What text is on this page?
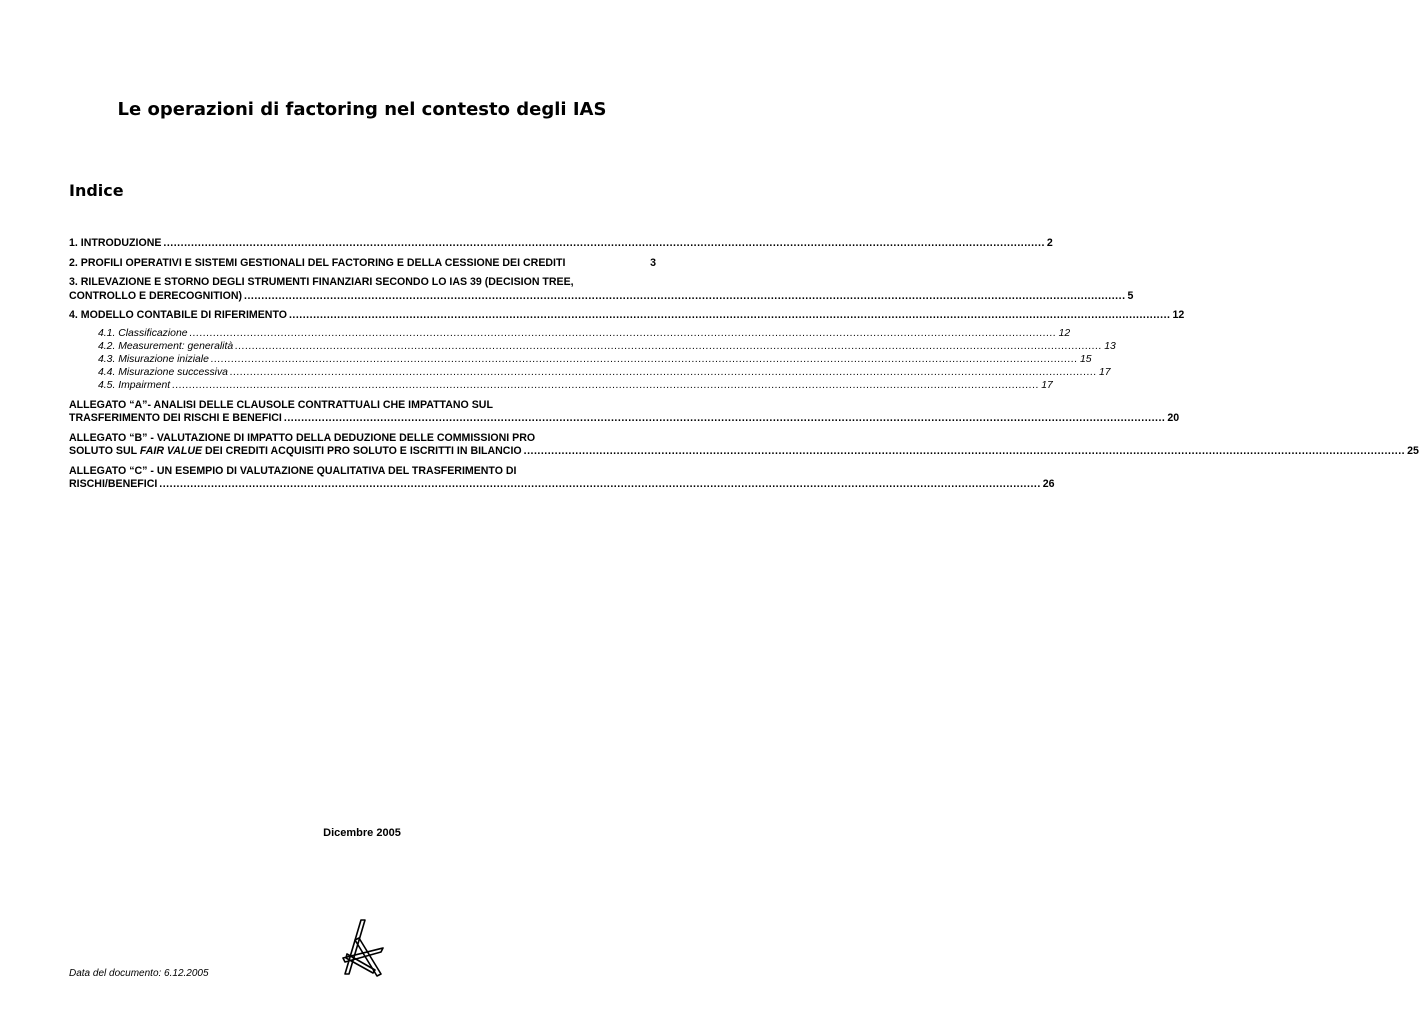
Le operazioni di factoring nel contesto degli IAS
Indice
1. INTRODUZIONE ................................................................................................................................................................................................................................................................ 2
2. PROFILI OPERATIVI E SISTEMI GESTIONALI DEL FACTORING E DELLA CESSIONE DEI CREDITI	3
3. RILEVAZIONE E STORNO DEGLI STRUMENTI FINANZIARI SECONDO LO IAS 39 (DECISION TREE,
CONTROLLO E DERECOGNITION) ................................................................................................................................................................................................................................................................ 5
4. MODELLO CONTABILE DI RIFERIMENTO ................................................................................................................................................................................................................................................................ 12
4.1. Classificazione ................................................................................................................................................................................................................................................................ 12
4.2. Measurement: generalità ................................................................................................................................................................................................................................................................ 13
4.3. Misurazione iniziale ................................................................................................................................................................................................................................................................ 15
4.4. Misurazione successiva ................................................................................................................................................................................................................................................................ 17
4.5. Impairment ................................................................................................................................................................................................................................................................ 17
ALLEGATO “A”- ANALISI DELLE CLAUSOLE CONTRATTUALI CHE IMPATTANO SUL
TRASFERIMENTO DEI RISCHI E BENEFICI ................................................................................................................................................................................................................................................................ 20
ALLEGATO “B” - VALUTAZIONE DI IMPATTO DELLA DEDUZIONE DELLE COMMISSIONI PRO
SOLUTO SUL FAIR VALUE DEI CREDITI ACQUISITI PRO SOLUTO E ISCRITTI IN BILANCIO ................................................................................................................................................................................................................................................................ 25
ALLEGATO “C” - UN ESEMPIO DI VALUTAZIONE QUALITATIVA DEL TRASFERIMENTO DI
RISCHI/BENEFICI ................................................................................................................................................................................................................................................................ 26
Dicembre 2005
Data del documento: 6.12.2005
